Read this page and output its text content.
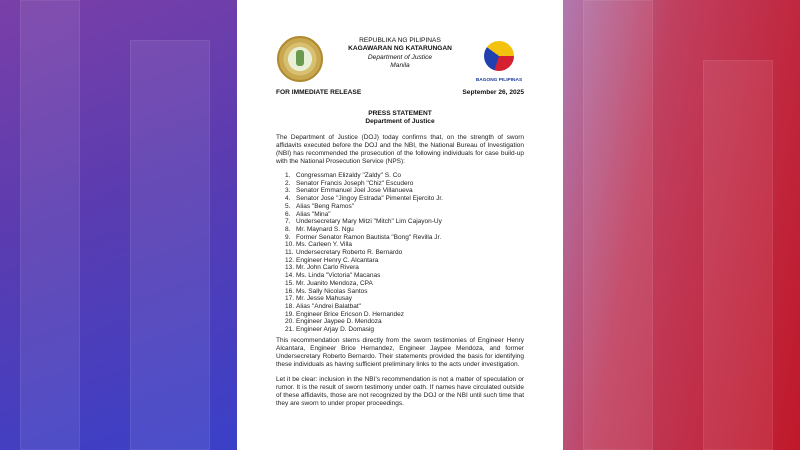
REPUBLIKA NG PILIPINAS
KAGAWARAN NG KATARUNGAN
Department of Justice
Manila
BAGONG PILIPINAS
FOR IMMEDIATE RELEASE	September 26, 2025
PRESS STATEMENT
Department of Justice
The Department of Justice (DOJ) today confirms that, on the strength of sworn affidavits executed before the DOJ and the NBI, the National Bureau of Investigation (NBI) has recommended the prosecution of the following individuals for case build-up with the National Prosecution Service (NPS):
1. Congressman Elizaldy "Zaldy" S. Co
2. Senator Francis Joseph "Chiz" Escudero
3. Senator Emmanuel Joel Jose Villanueva
4. Senator Jose "Jingoy Estrada" Pimentel Ejercito Jr.
5. Alias "Beng Ramos"
6. Alias "Mina"
7. Undersecretary Mary Mitzi "Mitch" Lim Cajayon-Uy
8. Mr. Maynard S. Ngu
9. Former Senator Ramon Bautista "Bong" Revilla Jr.
10. Ms. Carleen Y. Villa
11. Undersecretary Roberto R. Bernardo
12. Engineer Henry C. Alcantara
13. Mr. John Carlo Rivera
14. Ms. Linda "Victoria" Macanas
15. Mr. Juanito Mendoza, CPA
16. Ms. Sally Nicolas Santos
17. Mr. Jesse Mahusay
18. Alias "Andrei Balatbat"
19. Engineer Brice Ericson D. Hernandez
20. Engineer Jaypee D. Mendoza
21. Engineer Arjay D. Domasig
This recommendation stems directly from the sworn testimonies of Engineer Henry Alcantara, Engineer Brice Hernandez, Engineer Jaypee Mendoza, and former Undersecretary Roberto Bernardo. Their statements provided the basis for identifying these individuals as having sufficient preliminary links to the acts under investigation.
Let it be clear: inclusion in the NBI's recommendation is not a matter of speculation or rumor. It is the result of sworn testimony under oath. If names have circulated outside of these affidavits, those are not recognized by the DOJ or the NBI until such time that they are sworn to under proper proceedings.
